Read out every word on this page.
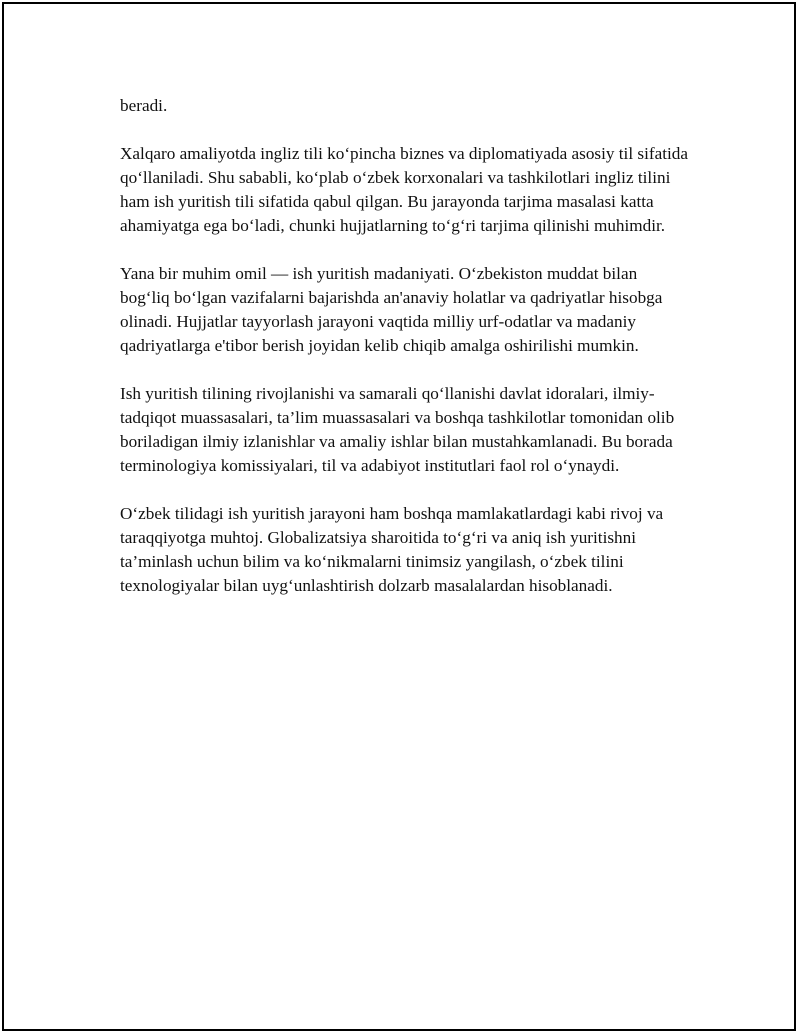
beradi.

Xalqaro amaliyotda ingliz tili ko‘pincha biznes va diplomatiyada asosiy til sifatida qo‘llaniladi. Shu sababli, ko‘plab o‘zbek korxonalari va tashkilotlari ingliz tilini ham ish yuritish tili sifatida qabul qilgan. Bu jarayonda tarjima masalasi katta ahamiyatga ega bo‘ladi, chunki hujjatlarning to‘g‘ri tarjima qilinishi muhimdir.

Yana bir muhim omil — ish yuritish madaniyati. O‘zbekiston muddat bilan bog‘liq bo‘lgan vazifalarni bajarishda an'anaviy holatlar va qadriyatlar hisobga olinadi. Hujjatlar tayyorlash jarayoni vaqtida milliy urf-odatlar va madaniy qadriyatlarga e'tibor berish joyidan kelib chiqib amalga oshirilishi mumkin.

Ish yuritish tilining rivojlanishi va samarali qo‘llanishi davlat idoralari, ilmiy-tadqiqot muassasalari, ta’lim muassasalari va boshqa tashkilotlar tomonidan olib boriladigan ilmiy izlanishlar va amaliy ishlar bilan mustahkamlanadi. Bu borada terminologiya komissiyalari, til va adabiyot institutlari faol rol o‘ynaydi.

O‘zbek tilidagi ish yuritish jarayoni ham boshqa mamlakatlardagi kabi rivoj va taraqqiyotga muhtoj. Globalizatsiya sharoitida to‘g‘ri va aniq ish yuritishni ta’minlash uchun bilim va ko‘nikmalarni tinimsiz yangilash, o‘zbek tilini texnologiyalar bilan uyg‘unlashtirish dolzarb masalalardan hisoblanadi.
